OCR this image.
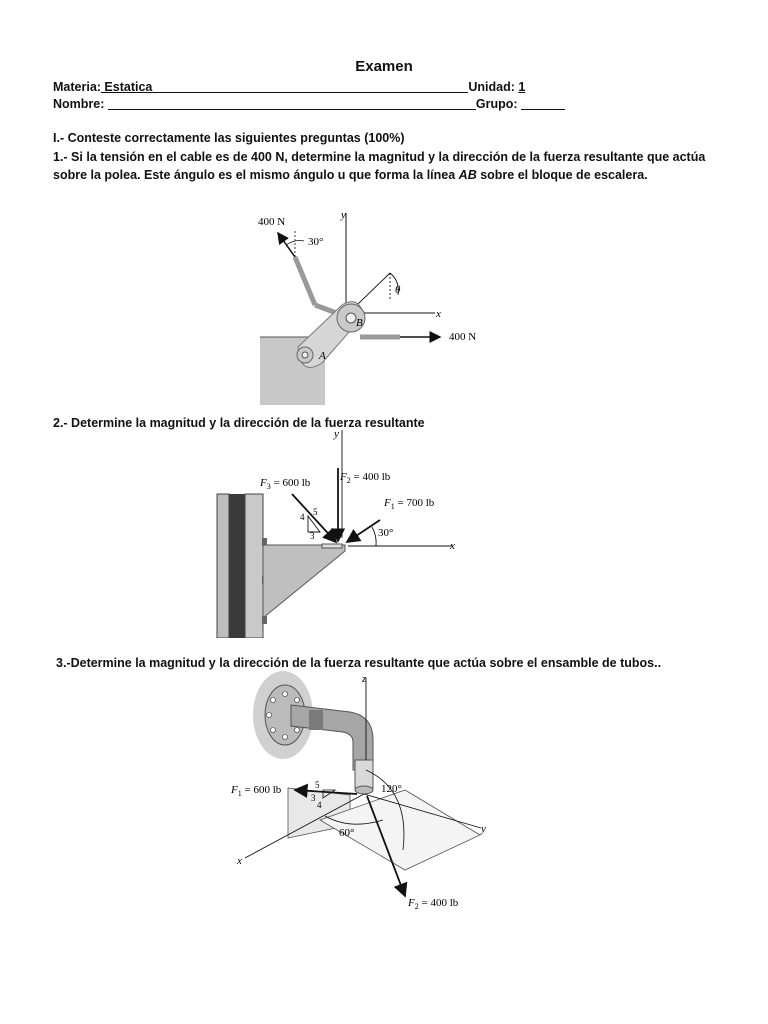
Examen
Materia: Estatica	Unidad: 1
Nombre:	Grupo:
I.- Conteste correctamente las siguientes preguntas (100%)
1.- Si la tensión en el cable es de 400 N, determine la magnitud y la dirección de la fuerza resultante que actúa sobre la polea. Este ángulo es el mismo ángulo u que forma la línea AB sobre el bloque de escalera.
400 N
30°
y
x
θ
B
A
400 N
2.- Determine la magnitud y la dirección de la fuerza resultante
y
x
$F_3 = 600$ lb	$F_2 = 400$ lb
$F_1 = 700$ lb
4 5
3	30°
3.-Determine la magnitud y la dirección de la fuerza resultante que actúa sobre el ensamble de tubos..
z
y
x
$F_1 = 600$ lb	5
3
4
120°
60°
$F_2 = 400$ lb
